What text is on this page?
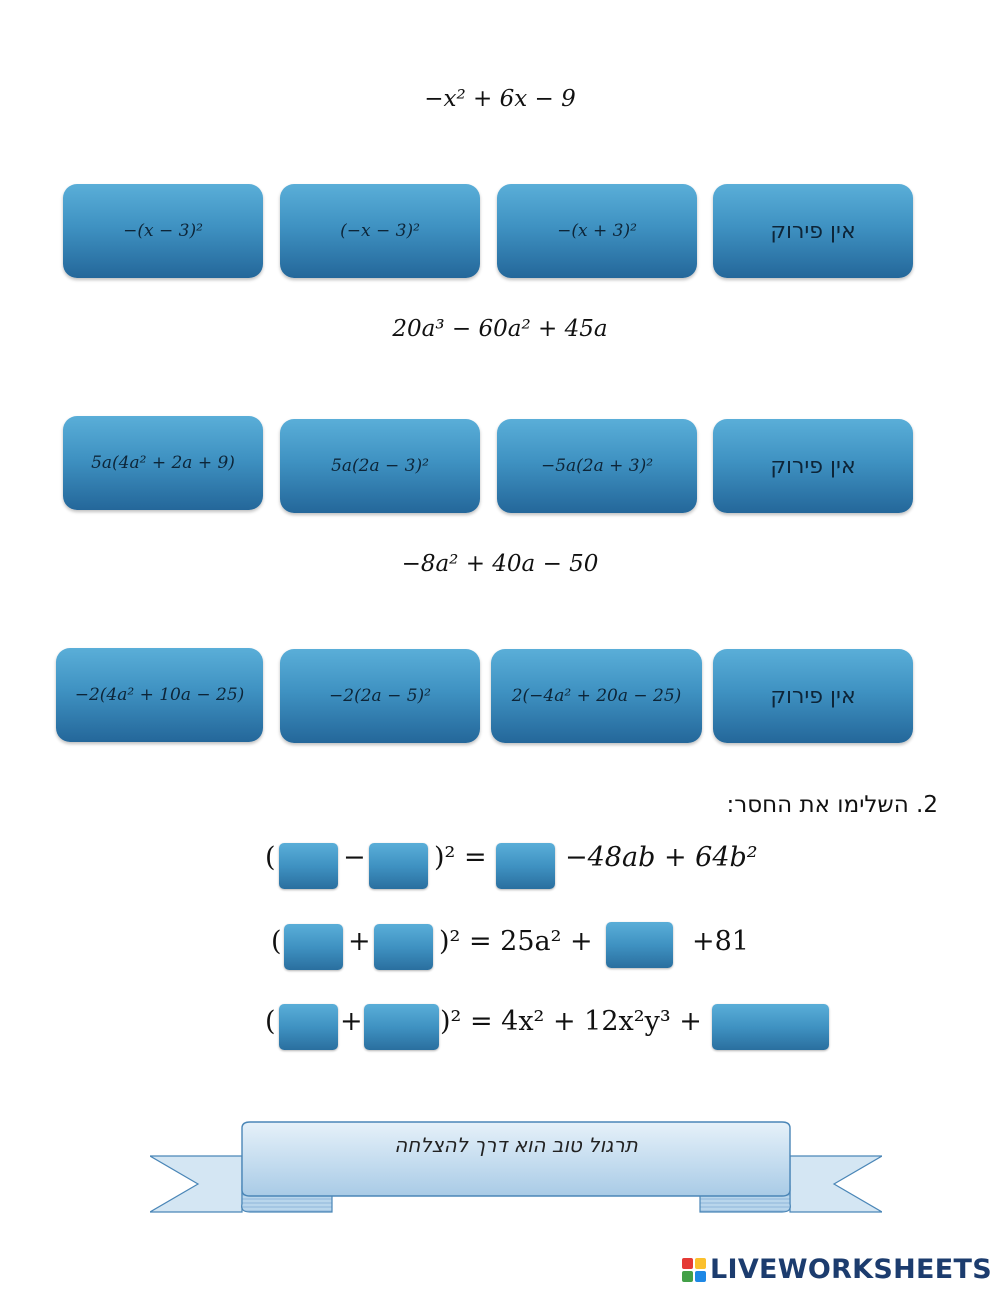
−x² + 6x − 9
−(x − 3)²	(−x − 3)²	−(x + 3)²	אין פירוק
20a³ − 60a² + 45a
5a(4a² + 2a + 9)	5a(2a − 3)²	−5a(2a + 3)²	אין פירוק
−8a² + 40a − 50
−2(4a² + 10a − 25)	−2(2a − 5)²	2(−4a² + 20a − 25)	אין פירוק
2. השלימו את החסר:
( −	)² =	−48ab + 64b²
( +	)² = 25a² +	+81
( +	)² = 4x² + 12x²y³ +
תרגול טוב הוא דרך להצלחה
LIVEWORKSHEETS
